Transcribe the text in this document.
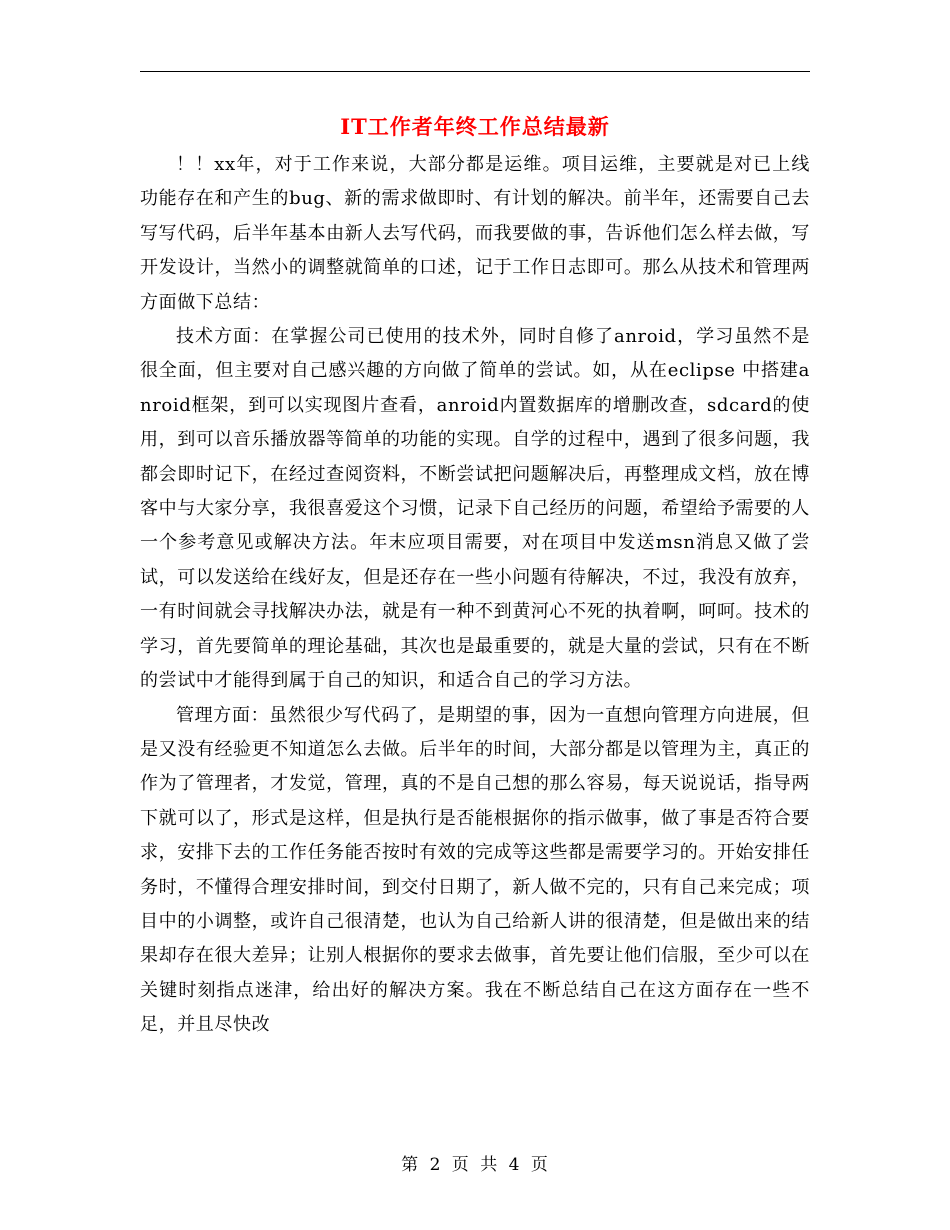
IT工作者年终工作总结最新

！！xx年，对于工作来说，大部分都是运维。项目运维，主要就是对已上线功能存在和产生的bug、新的需求做即时、有计划的解决。前半年，还需要自己去写写代码，后半年基本由新人去写代码，而我要做的事，告诉他们怎么样去做，写开发设计，当然小的调整就简单的口述，记于工作日志即可。那么从技术和管理两方面做下总结：

技术方面：在掌握公司已使用的技术外，同时自修了anroid，学习虽然不是很全面，但主要对自己感兴趣的方向做了简单的尝试。如，从在eclipse 中搭建anroid框架，到可以实现图片查看，anroid内置数据库的增删改查，sdcard的使用，到可以音乐播放器等简单的功能的实现。自学的过程中，遇到了很多问题，我都会即时记下，在经过查阅资料，不断尝试把问题解决后，再整理成文档，放在博客中与大家分享，我很喜爱这个习惯，记录下自己经历的问题，希望给予需要的人一个参考意见或解决方法。年末应项目需要，对在项目中发送msn消息又做了尝试，可以发送给在线好友，但是还存在一些小问题有待解决，不过，我没有放弃，一有时间就会寻找解决办法，就是有一种不到黄河心不死的执着啊，呵呵。技术的学习，首先要简单的理论基础，其次也是最重要的，就是大量的尝试，只有在不断的尝试中才能得到属于自己的知识，和适合自己的学习方法。

管理方面：虽然很少写代码了，是期望的事，因为一直想向管理方向进展，但是又没有经验更不知道怎么去做。后半年的时间，大部分都是以管理为主，真正的作为了管理者，才发觉，管理，真的不是自己想的那么容易，每天说说话，指导两下就可以了，形式是这样，但是执行是否能根据你的指示做事，做了事是否符合要求，安排下去的工作任务能否按时有效的完成等这些都是需要学习的。开始安排任务时，不懂得合理安排时间，到交付日期了，新人做不完的，只有自己来完成；项目中的小调整，或许自己很清楚，也认为自己给新人讲的很清楚，但是做出来的结果却存在很大差异；让别人根据你的要求去做事，首先要让他们信服，至少可以在关键时刻指点迷津，给出好的解决方案。我在不断总结自己在这方面存在一些不足，并且尽快改

第 2 页 共 4 页
